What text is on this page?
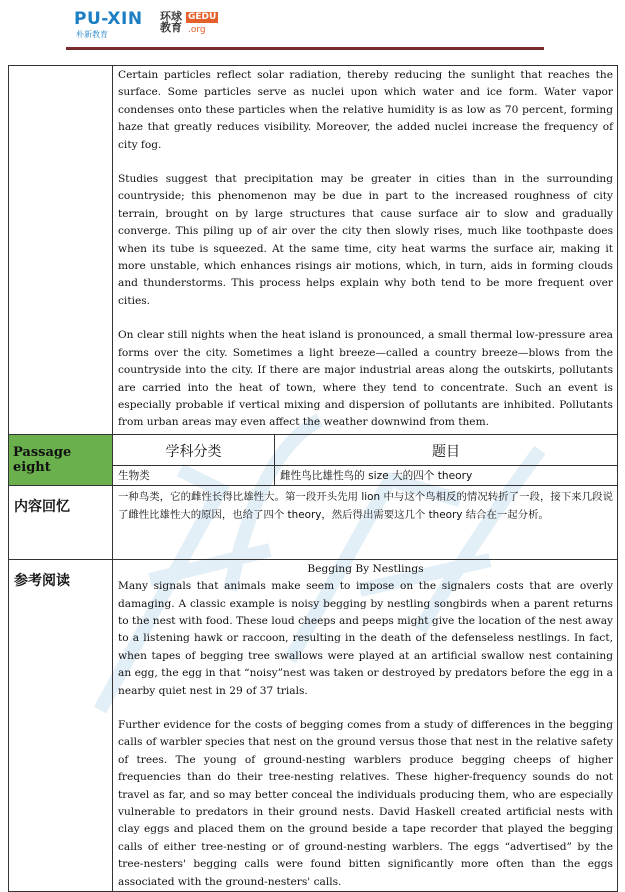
PU-XIN
朴新教育
环球教育
GEDU
.org

	Certain particles reflect solar radiation, thereby reducing the sunlight that reaches the surface. Some particles serve as nuclei upon which water and ice form. Water vapor condenses onto these particles when the relative humidity is as low as 70 percent, forming haze that greatly reduces visibility. Moreover, the added nuclei increase the frequency of city fog.

Studies suggest that precipitation may be greater in cities than in the surrounding countryside; this phenomenon may be due in part to the increased roughness of city terrain, brought on by large structures that cause surface air to slow and gradually converge. This piling up of air over the city then slowly rises, much like toothpaste does when its tube is squeezed. At the same time, city heat warms the surface air, making it more unstable, which enhances risings air motions, which, in turn, aids in forming clouds and thunderstorms. This process helps explain why both tend to be more frequent over cities.

On clear still nights when the heat island is pronounced, a small thermal low-pressure area forms over the city. Sometimes a light breeze—called a country breeze—blows from the countryside into the city. If there are major industrial areas along the outskirts, pollutants are carried into the heat of town, where they tend to concentrate. Such an event is especially probable if vertical mixing and dispersion of pollutants are inhibited. Pollutants from urban areas may even affect the weather downwind from them.	

Passage eight	学科分类	题目
	生物类	雌性鸟比雄性鸟的 size 大的四个 theory
内容回忆	一种鸟类，它的雌性长得比雄性大。第一段开头先用 lion 中与这个鸟相反的情况转折了一段，接下来几段说了雌性比雄性大的原因，也给了四个 theory，然后得出需要这几个 theory 结合在一起分析。	
参考阅读	Begging By Nestlings

Many signals that animals make seem to impose on the signalers costs that are overly damaging. A classic example is noisy begging by nestling songbirds when a parent returns to the nest with food. These loud cheeps and peeps might give the location of the nest away to a listening hawk or raccoon, resulting in the death of the defenseless nestlings. In fact, when tapes of begging tree swallows were played at an artificial swallow nest containing an egg, the egg in that “noisy”nest was taken or destroyed by predators before the egg in a nearby quiet nest in 29 of 37 trials.

Further evidence for the costs of begging comes from a study of differences in the begging calls of warbler species that nest on the ground versus those that nest in the relative safety of trees. The young of ground-nesting warblers produce begging cheeps of higher frequencies than do their tree-nesting relatives. These higher-frequency sounds do not travel as far, and so may better conceal the individuals producing them, who are especially vulnerable to predators in their ground nests. David Haskell created artificial nests with clay eggs and placed them on the ground beside a tape recorder that played the begging calls of either tree-nesting or of ground-nesting warblers. The eggs “advertised” by the tree-nesters' begging calls were found bitten significantly more often than the eggs associated with the ground-nesters' calls.	
